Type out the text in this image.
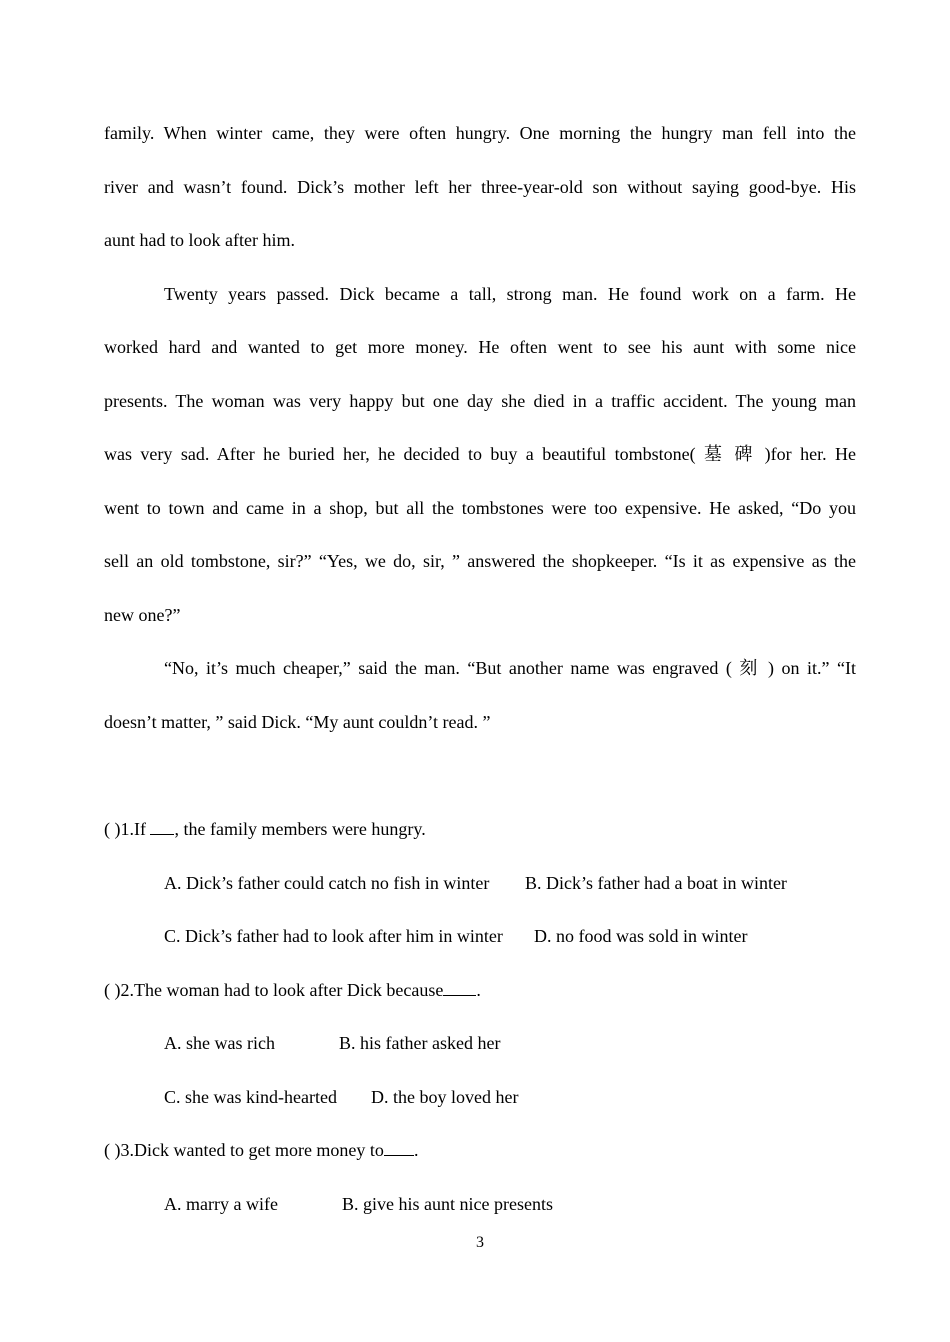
family. When winter came, they were often hungry. One morning the hungry man fell into the
river and wasn’t found. Dick’s mother left her three-year-old son without saying good-bye. His
aunt had to look after him.
Twenty years passed. Dick became a tall, strong man. He found work on a farm. He
worked hard and wanted to get more money. He often went to see his aunt with some nice
presents. The woman was very happy but one day she died in a traffic accident. The young man
was very sad. After he buried her, he decided to buy a beautiful tombstone( 墓 碑 )for her. He
went to town and came in a shop, but all the tombstones were too expensive. He asked, “Do you
sell an old tombstone, sir?” “Yes, we do, sir, ” answered the shopkeeper. “Is it as expensive as the
new one?”
“No, it’s much cheaper,” said the man. “But another name was engraved ( 刻 ) on it.” “It
doesn’t matter, ” said Dick. “My aunt couldn’t read. ”
( )1.If , the family members were hungry.
A. Dick’s father could catch no fish in winter B. Dick’s father had a boat in winter
C. Dick’s father had to look after him in winter D. no food was sold in winter
( )2.The woman had to look after Dick because .
A. she was rich	B. his father asked her
C. she was kind-hearted D. the boy loved her
( )3.Dick wanted to get more money to .
A. marry a wife	B. give his aunt nice presents
3
